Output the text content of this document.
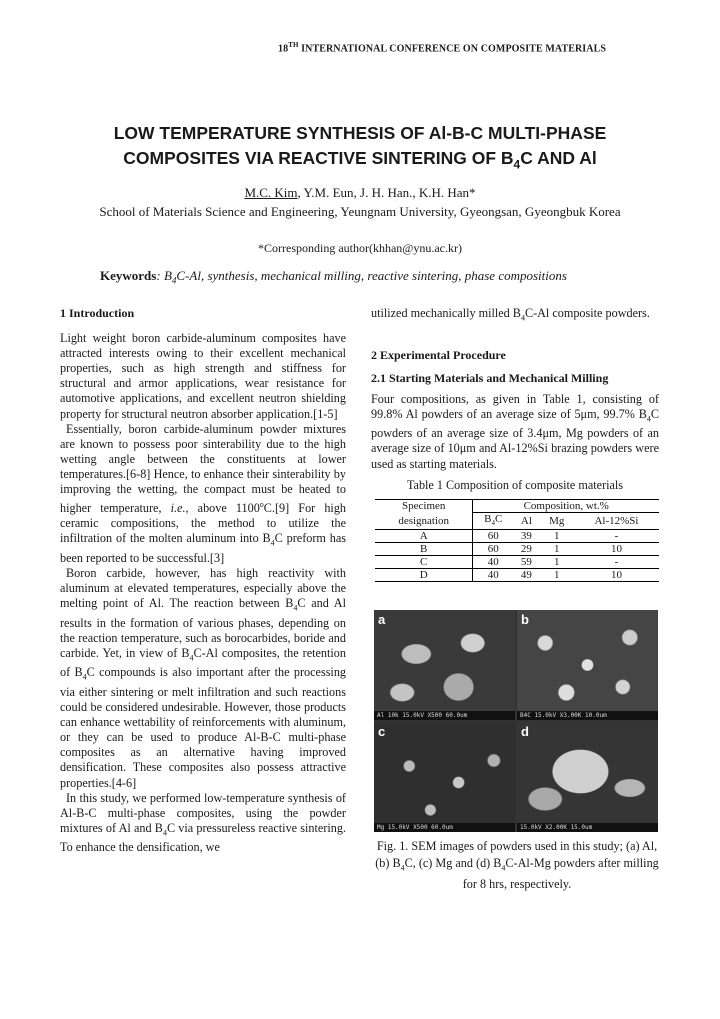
18TH INTERNATIONAL CONFERENCE ON COMPOSITE MATERIALS
LOW TEMPERATURE SYNTHESIS OF Al-B-C MULTI-PHASE
COMPOSITES VIA REACTIVE SINTERING OF $B_4C$ AND Al
M.C. Kim, Y.M. Eun, J. H. Han., K.H. Han*
School of Materials Science and Engineering, Yeungnam University, Gyeongsan, Gyeongbuk Korea
*Corresponding author(khhan@ynu.ac.kr)
Keywords: $B_4C-Al$, synthesis, mechanical milling, reactive sintering, phase compositions

1 Introduction

Light weight boron carbide-aluminum composites have attracted interests owing to their excellent mechanical properties, such as high strength and stiffness for structural and armor applications, wear resistance for automotive applications, and excellent neutron shielding property for structural neutron absorber application.[1-5]

Essentially, boron carbide-aluminum powder mixtures are known to possess poor sinterability due to the high wetting angle between the constituents at lower temperatures.[6-8] Hence, to enhance their sinterability by improving the wetting, the compact must be heated to higher temperature, i.e., above 1100$^o$C.[9] For high ceramic compositions, the method to utilize the infiltration of the molten aluminum into $B_4C$ preform has been reported to be successful.[3]

Boron carbide, however, has high reactivity with aluminum at elevated temperatures, especially above the melting point of Al. The reaction between $B_4C$ and Al results in the formation of various phases, depending on the reaction temperature, such as borocarbides, boride and carbide. Yet, in view of $B_4C-Al$ composites, the retention of $B_4C$ compounds is also important after the processing via either sintering or melt infiltration and such reactions could be considered undesirable. However, those products can enhance wettability of reinforcements with aluminum, or they can be used to produce Al-B-C multi-phase composites as an alternative having improved densification. These composites also possess attractive properties.[4-6]

In this study, we performed low-temperature synthesis of Al-B-C multi-phase composites, using the powder mixtures of Al and $B_4C$ via pressureless reactive sintering. To enhance the densification, we

utilized mechanically milled $B_4C-Al$ composite powders.

2 Experimental Procedure

2.1 Starting Materials and Mechanical Milling

Four compositions, as given in Table 1, consisting of 99.8% Al powders of an average size of 5μm, 99.7% $B_4C$ powders of an average size of 3.4μm, Mg powders of an average size of 10μm and Al-12%Si brazing powders were used as starting materials.

Table 1 Composition of composite materials

Specimen	Composition, wt.%			
designation	$B_4C$	Al	Mg	Al-12%Si
A	60	39	1	-
B	60	29	1	10
C	40	59	1	-
D	40	49	1	10
a
Al 10k 15.0kV X500 60.0um
b
B4C 15.0kV X3.00K 10.0um
c
Mg 15.0kV X500 60.0um
d
15.0kV X2.00K 15.0um
Fig. 1. SEM images of powders used in this study; (a) Al, (b) $B_4C$, (c) Mg and (d) $B_4C-Al-Mg$ powders after milling for 8 hrs, respectively.
